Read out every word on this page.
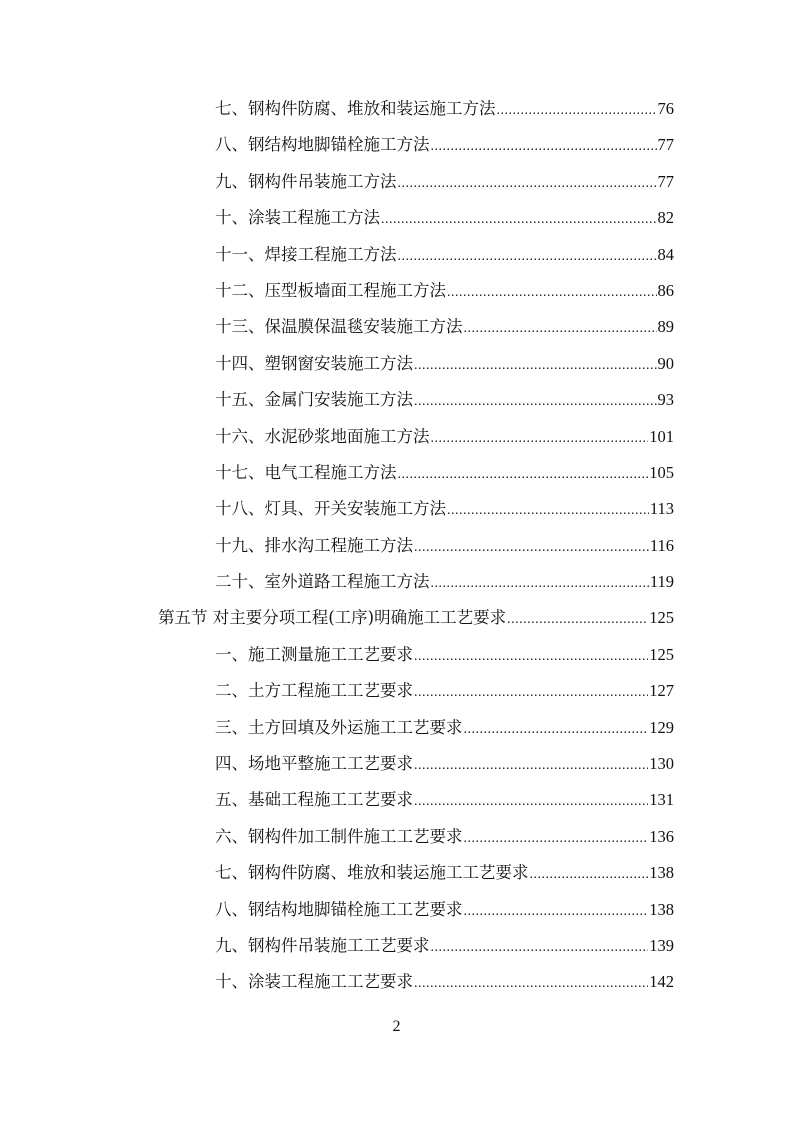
七、钢构件防腐、堆放和装运施工方法 .....	76
八、钢结构地脚锚栓施工方法 .....	77
九、钢构件吊装施工方法 .....	77
十、涂装工程施工方法 .....	82
十一、焊接工程施工方法 .....	84
十二、压型板墙面工程施工方法 .....	86
十三、保温膜保温毯安装施工方法 .....	89
十四、塑钢窗安装施工方法 .....	90
十五、金属门安装施工方法 .....	93
十六、水泥砂浆地面施工方法 .....	101
十七、电气工程施工方法 .....	105
十八、灯具、开关安装施工方法 .....	113
十九、排水沟工程施工方法 .....	116
二十、室外道路工程施工方法 .....	119
第五节 对主要分项工程(工序)明确施工工艺要求 .....	125
一、施工测量施工工艺要求 .....	125
二、土方工程施工工艺要求 .....	127
三、土方回填及外运施工工艺要求 .....	129
四、场地平整施工工艺要求 .....	130
五、基础工程施工工艺要求 .....	131
六、钢构件加工制件施工工艺要求 .....	136
七、钢构件防腐、堆放和装运施工工艺要求 .....	138
八、钢结构地脚锚栓施工工艺要求 .....	138
九、钢构件吊装施工工艺要求 .....	139
十、涂装工程施工工艺要求 .....	142
2
